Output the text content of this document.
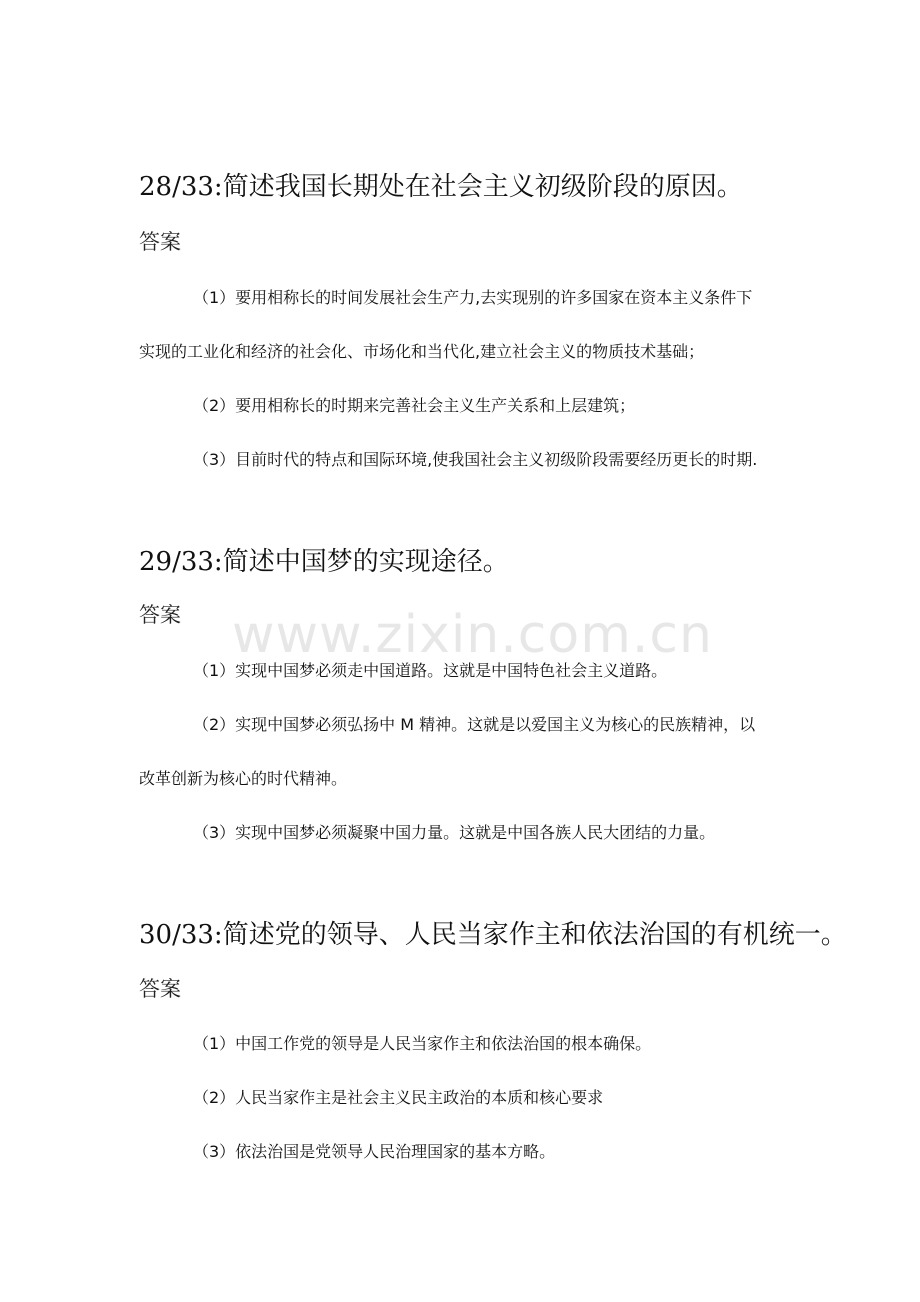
www.zixin.com.cn
28/33:简述我国长期处在社会主义初级阶段的原因。
答案
（1）要用相称长的时间发展社会生产力,去实现别的许多国家在资本主义条件下
实现的工业化和经济的社会化、市场化和当代化,建立社会主义的物质技术基础；
（2）要用相称长的时期来完善社会主义生产关系和上层建筑；
（3）目前时代的特点和国际环境,使我国社会主义初级阶段需要经历更长的时期.
29/33:简述中国梦的实现途径。
答案
（1）实现中国梦必须走中国道路。这就是中国特色社会主义道路。
（2）实现中国梦必须弘扬中 M 精神。这就是以爱国主义为核心的民族精神，以
改革创新为核心的时代精神。
（3）实现中国梦必须凝聚中国力量。这就是中国各族人民大团结的力量。
30/33:简述党的领导、人民当家作主和依法治国的有机统一。
答案
（1）中国工作党的领导是人民当家作主和依法治国的根本确保。
（2）人民当家作主是社会主义民主政治的本质和核心要求
（3）依法治国是党领导人民治理国家的基本方略。
